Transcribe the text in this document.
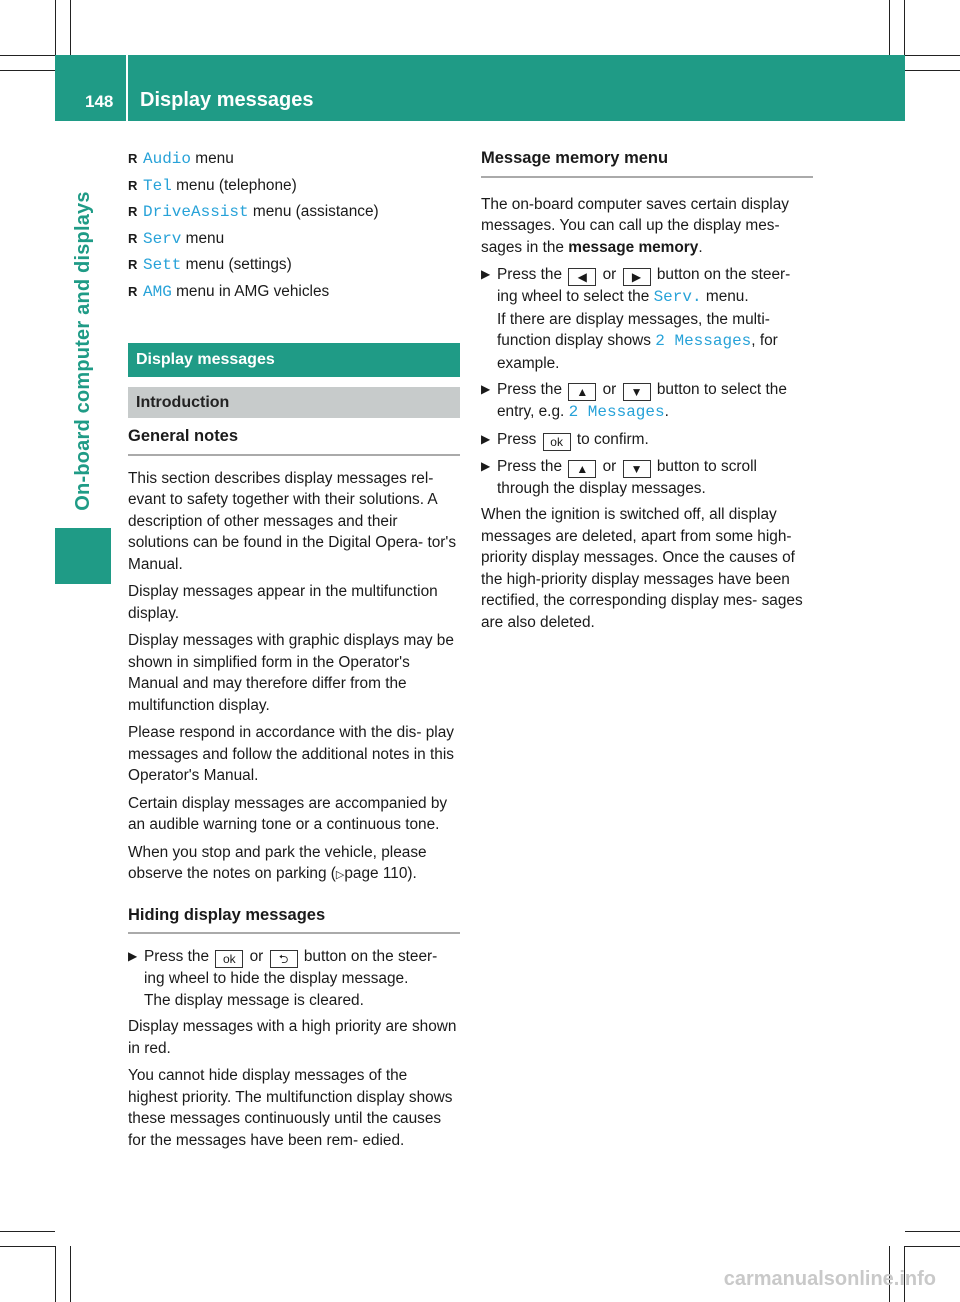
148 Display messages
On-board computer and displays
R Audio menu
R Tel menu (telephone)
R DriveAssist menu (assistance)
R Serv menu
R Sett menu (settings)
R AMG menu in AMG vehicles
Display messages
Introduction
General notes
This section describes display messages rel- evant to safety together with their solutions. A description of other messages and their solutions can be found in the Digital Opera- tor's Manual.
Display messages appear in the multifunction display.
Display messages with graphic displays may be shown in simplified form in the Operator's Manual and may therefore differ from the multifunction display.
Please respond in accordance with the dis- play messages and follow the additional notes in this Operator's Manual.
Certain display messages are accompanied by an audible warning tone or a continuous tone.
When you stop and park the vehicle, please observe the notes on parking (▷page 110).
Hiding display messages
▶ Press the ok or ⮌ button on the steer- ing wheel to hide the display message.
The display message is cleared.
Display messages with a high priority are shown in red.
You cannot hide display messages of the highest priority. The multifunction display shows these messages continuously until the causes for the messages have been rem- edied.
Message memory menu
The on-board computer saves certain display messages. You can call up the display mes- sages in the message memory.
▶ Press the ◀ or ▶ button on the steer- ing wheel to select the Serv. menu.
If there are display messages, the multi- function display shows 2 Messages, for example.
▶ Press the ▲ or ▼ button to select the entry, e.g. 2 Messages.
▶ Press ok to confirm.
▶ Press the ▲ or ▼ button to scroll through the display messages.
When the ignition is switched off, all display messages are deleted, apart from some high- priority display messages. Once the causes of the high-priority display messages have been rectified, the corresponding display mes- sages are also deleted.
carmanualsonline.info
